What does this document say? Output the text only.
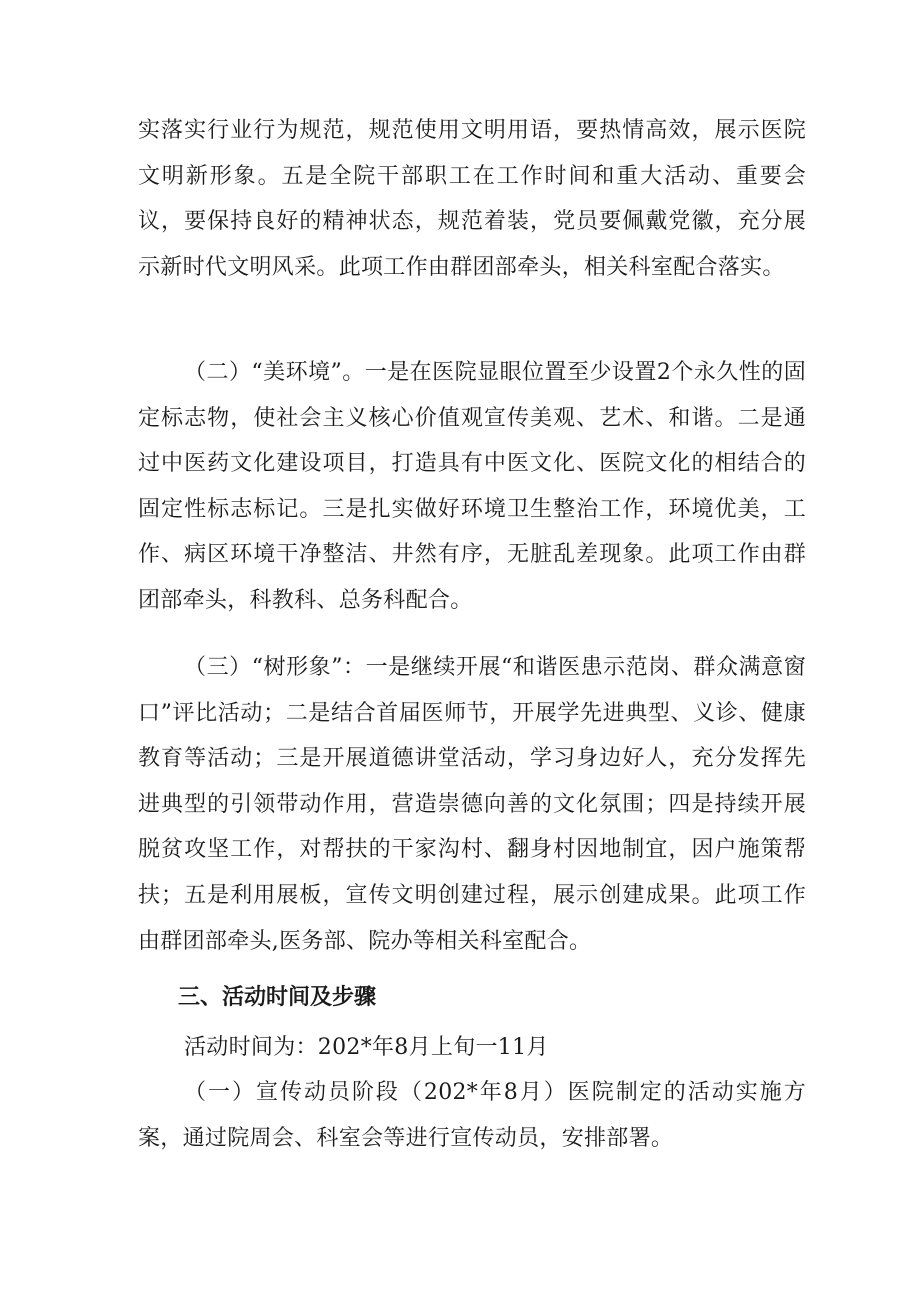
实落实行业行为规范，规范使用文明用语，要热情高效，展示医院文明新形象。五是全院干部职工在工作时间和重大活动、重要会议，要保持良好的精神状态，规范着装，党员要佩戴党徽，充分展示新时代文明风采。此项工作由群团部牵头，相关科室配合落实。

（二）“美环境”。一是在医院显眼位置至少设置2个永久性的固定标志物，使社会主义核心价值观宣传美观、艺术、和谐。二是通过中医药文化建设项目，打造具有中医文化、医院文化的相结合的固定性标志标记。三是扎实做好环境卫生整治工作，环境优美，工作、病区环境干净整洁、井然有序，无脏乱差现象。此项工作由群团部牵头，科教科、总务科配合。

（三）“树形象”：一是继续开展“和谐医患示范岗、群众满意窗口”评比活动；二是结合首届医师节，开展学先进典型、义诊、健康教育等活动；三是开展道德讲堂活动，学习身边好人，充分发挥先进典型的引领带动作用，营造崇德向善的文化氛围；四是持续开展脱贫攻坚工作，对帮扶的干家沟村、翻身村因地制宜，因户施策帮扶；五是利用展板，宣传文明创建过程，展示创建成果。此项工作由群团部牵头,医务部、院办等相关科室配合。

三、活动时间及步骤

活动时间为：202*年8月上旬一11月

（一）宣传动员阶段（202*年8月）医院制定的活动实施方案，通过院周会、科室会等进行宣传动员，安排部署。
